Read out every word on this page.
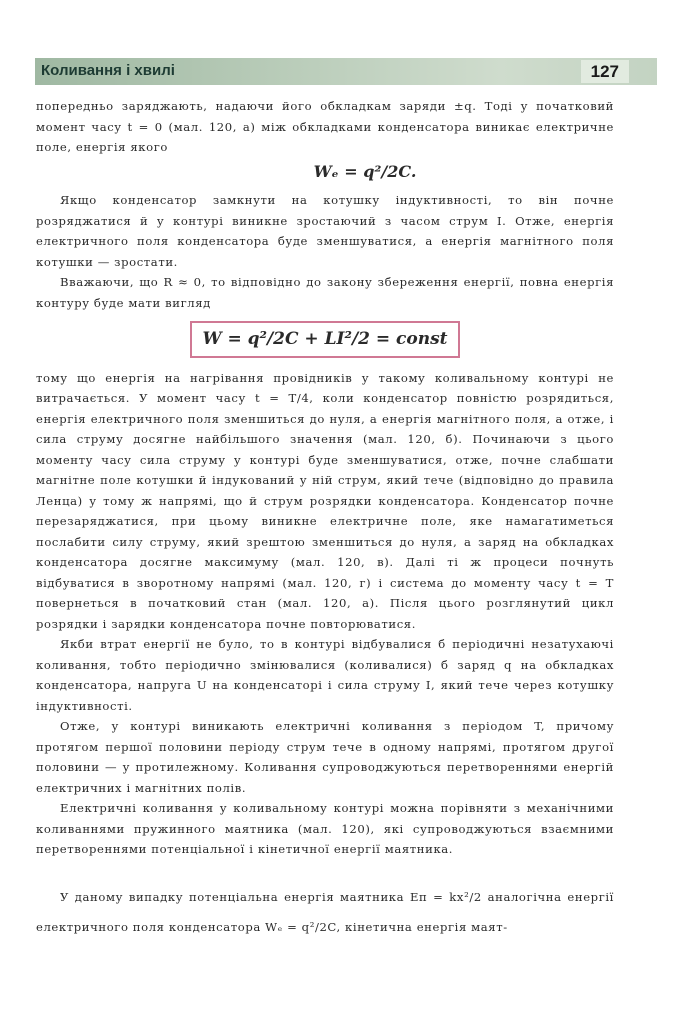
Коливання і хвилі	127

попередньо заряджають, надаючи його обкладкам заряди ±q. Тоді у початковий момент часу t = 0 (мал. 120, а) між обкладками конденсатора виникає електричне поле, енергія якого

Wₑ = q²/2C.

Якщо конденсатор замкнути на котушку індуктивності, то він почне розряджатися й у контурі виникне зростаючий з часом струм I. Отже, енергія електричного поля конденсатора буде зменшуватися, а енергія магнітного поля котушки — зростати.

Вважаючи, що R ≈ 0, то відповідно до закону збереження енергії, повна енергія контуру буде мати вигляд

W = q²/2C + LI²/2 = const

тому що енергія на нагрівання провідників у такому коливальному контурі не витрачається. У момент часу t = T/4, коли конденсатор повністю розрядиться, енергія електричного поля зменшиться до нуля, а енергія магнітного поля, а отже, і сила струму досягне найбільшого значення (мал. 120, б). Починаючи з цього моменту часу сила струму у контурі буде зменшуватися, отже, почне слабшати магнітне поле котушки й індукований у ній струм, який тече (відповідно до правила Ленца) у тому ж напрямі, що й струм розрядки конденсатора. Конденсатор почне перезаряджатися, при цьому виникне електричне поле, яке намагатиметься послабити силу струму, який зрештою зменшиться до нуля, а заряд на обкладках конденсатора досягне максимуму (мал. 120, в). Далі ті ж процеси почнуть відбуватися в зворотному напрямі (мал. 120, г) і система до моменту часу t = T повернеться в початковий стан (мал. 120, а). Після цього розглянутий цикл розрядки і зарядки конденсатора почне повторюватися.

Якби втрат енергії не було, то в контурі відбувалися б періодичні незатухаючі коливання, тобто періодично змінювалися (коливалися) б заряд q на обкладках конденсатора, напруга U на конденсаторі і сила струму I, який тече через котушку індуктивності.

Отже, у контурі виникають електричні коливання з періодом T, причому протягом першої половини періоду струм тече в одному напрямі, протягом другої половини — у протилежному. Коливання супроводжуються перетвореннями енергій електричних і магнітних полів.

Електричні коливання у коливальному контурі можна порівняти з механічними коливаннями пружинного маятника (мал. 120), які супроводжуються взаємними перетвореннями потенціальної і кінетичної енергії маятника.

У даному випадку потенціальна енергія маятника Eп = kx²/2 аналогічна енергії електричного поля конденсатора Wₑ = q²/2C, кінетична енергія маят-
